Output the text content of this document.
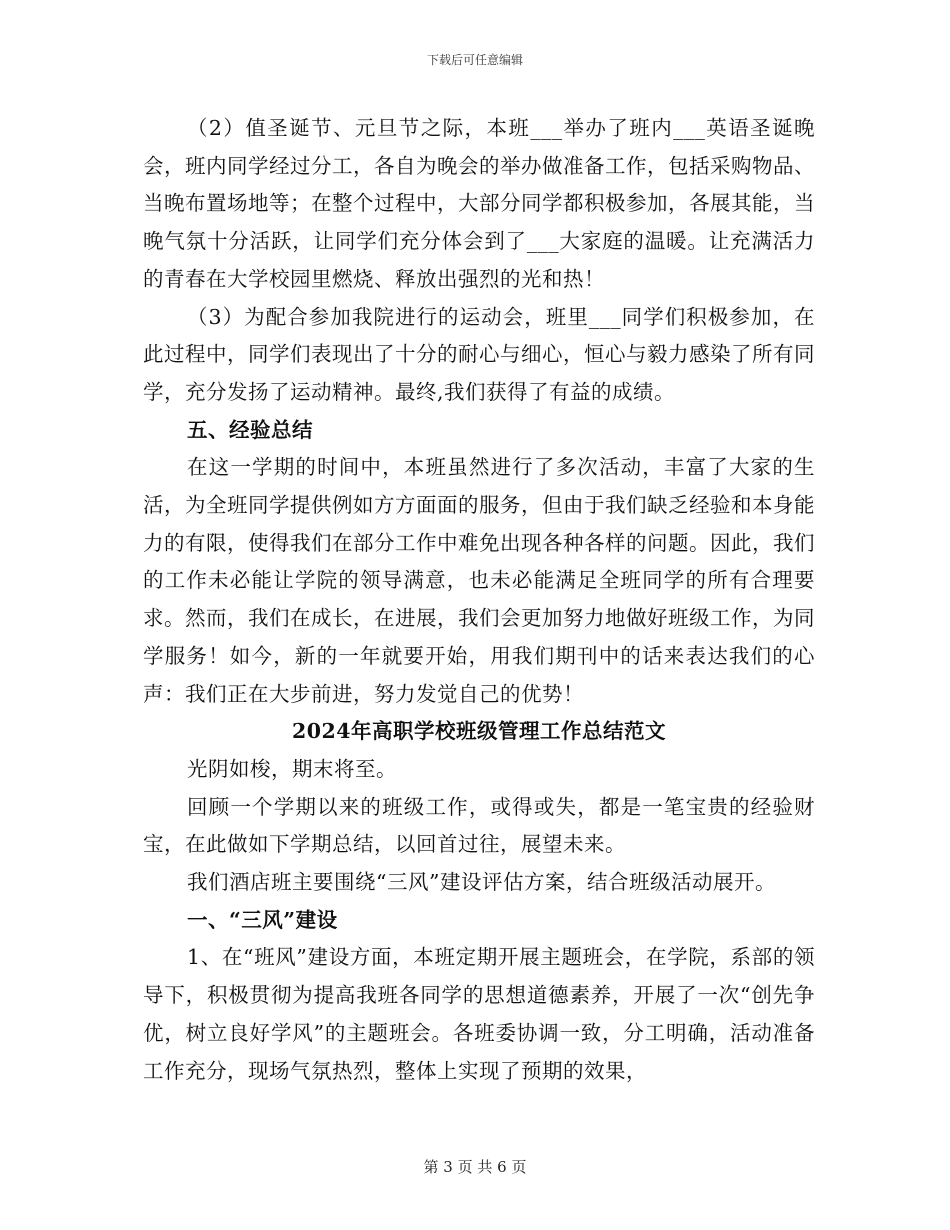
下载后可任意编辑

（2）值圣诞节、元旦节之际，本班___举办了班内___英语圣诞晚会，班内同学经过分工，各自为晚会的举办做准备工作，包括采购物品、当晚布置场地等；在整个过程中，大部分同学都积极参加，各展其能，当晚气氛十分活跃，让同学们充分体会到了___大家庭的温暖。让充满活力的青春在大学校园里燃烧、释放出强烈的光和热！

（3）为配合参加我院进行的运动会，班里___同学们积极参加，在此过程中，同学们表现出了十分的耐心与细心，恒心与毅力感染了所有同学，充分发扬了运动精神。最终,我们获得了有益的成绩。

五、经验总结

在这一学期的时间中，本班虽然进行了多次活动，丰富了大家的生活，为全班同学提供例如方方面面的服务，但由于我们缺乏经验和本身能力的有限，使得我们在部分工作中难免出现各种各样的问题。因此，我们的工作未必能让学院的领导满意，也未必能满足全班同学的所有合理要求。然而，我们在成长，在进展，我们会更加努力地做好班级工作，为同学服务！如今，新的一年就要开始，用我们期刊中的话来表达我们的心声：我们正在大步前进，努力发觉自己的优势！

2024年高职学校班级管理工作总结范文

光阴如梭，期末将至。

回顾一个学期以来的班级工作，或得或失，都是一笔宝贵的经验财宝，在此做如下学期总结，以回首过往，展望未来。

我们酒店班主要围绕“三风”建设评估方案，结合班级活动展开。

一、“三风”建设

1、在“班风”建设方面，本班定期开展主题班会，在学院，系部的领导下，积极贯彻为提高我班各同学的思想道德素养，开展了一次“创先争优，树立良好学风”的主题班会。各班委协调一致，分工明确，活动准备工作充分，现场气氛热烈，整体上实现了预期的效果，

第 3 页 共 6 页
